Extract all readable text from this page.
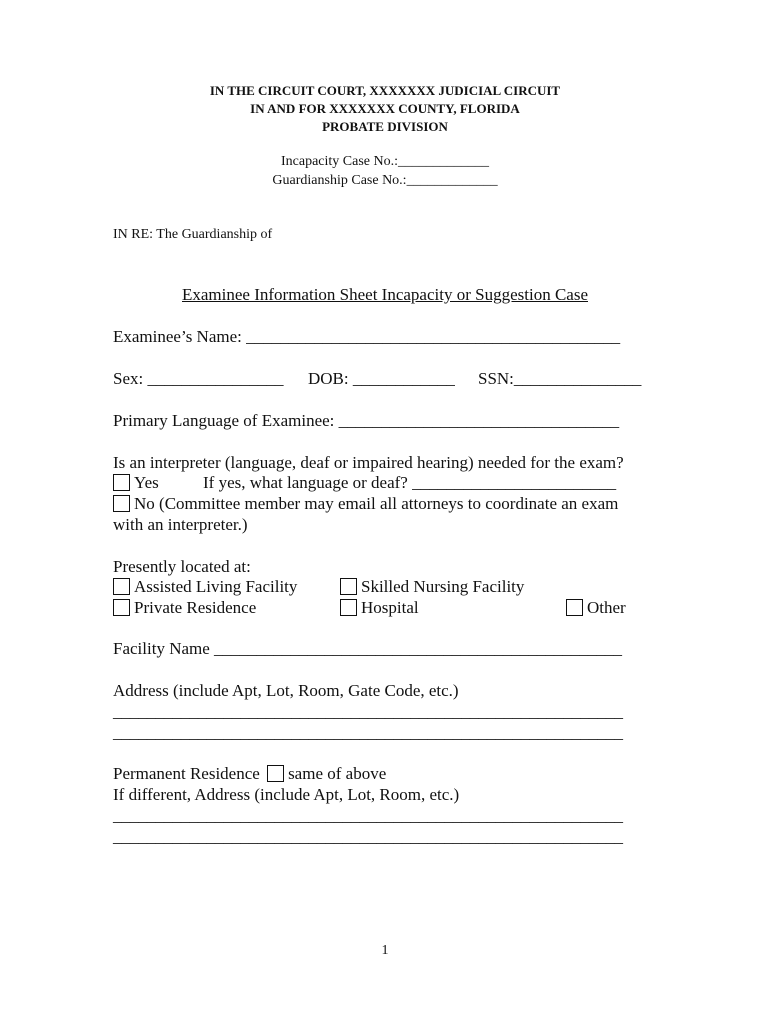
IN THE CIRCUIT COURT, XXXXXXX JUDICIAL CIRCUIT
IN AND FOR XXXXXXX COUNTY, FLORIDA
PROBATE DIVISION
Incapacity Case No.:_____________
Guardianship Case No.:_____________
IN RE: The Guardianship of
Examinee Information Sheet Incapacity or Suggestion Case
Examinee’s Name: ____________________________________________
Sex: ________________ DOB: ____________ SSN:_______________
Primary Language of Examinee: _________________________________
Is an interpreter (language, deaf or impaired hearing) needed for the exam?
Yes	If yes, what language or deaf? ________________________
No (Committee member may email all attorneys to coordinate an exam
with an interpreter.)
Presently located at:
Assisted Living Facility	Skilled Nursing Facility
Private Residence	Hospital	Other
Facility Name ________________________________________________
Address (include Apt, Lot, Room, Gate Code, etc.)
____________________________________________________________
____________________________________________________________
Permanent Residence same of above
If different, Address (include Apt, Lot, Room, etc.)
____________________________________________________________
____________________________________________________________
1
